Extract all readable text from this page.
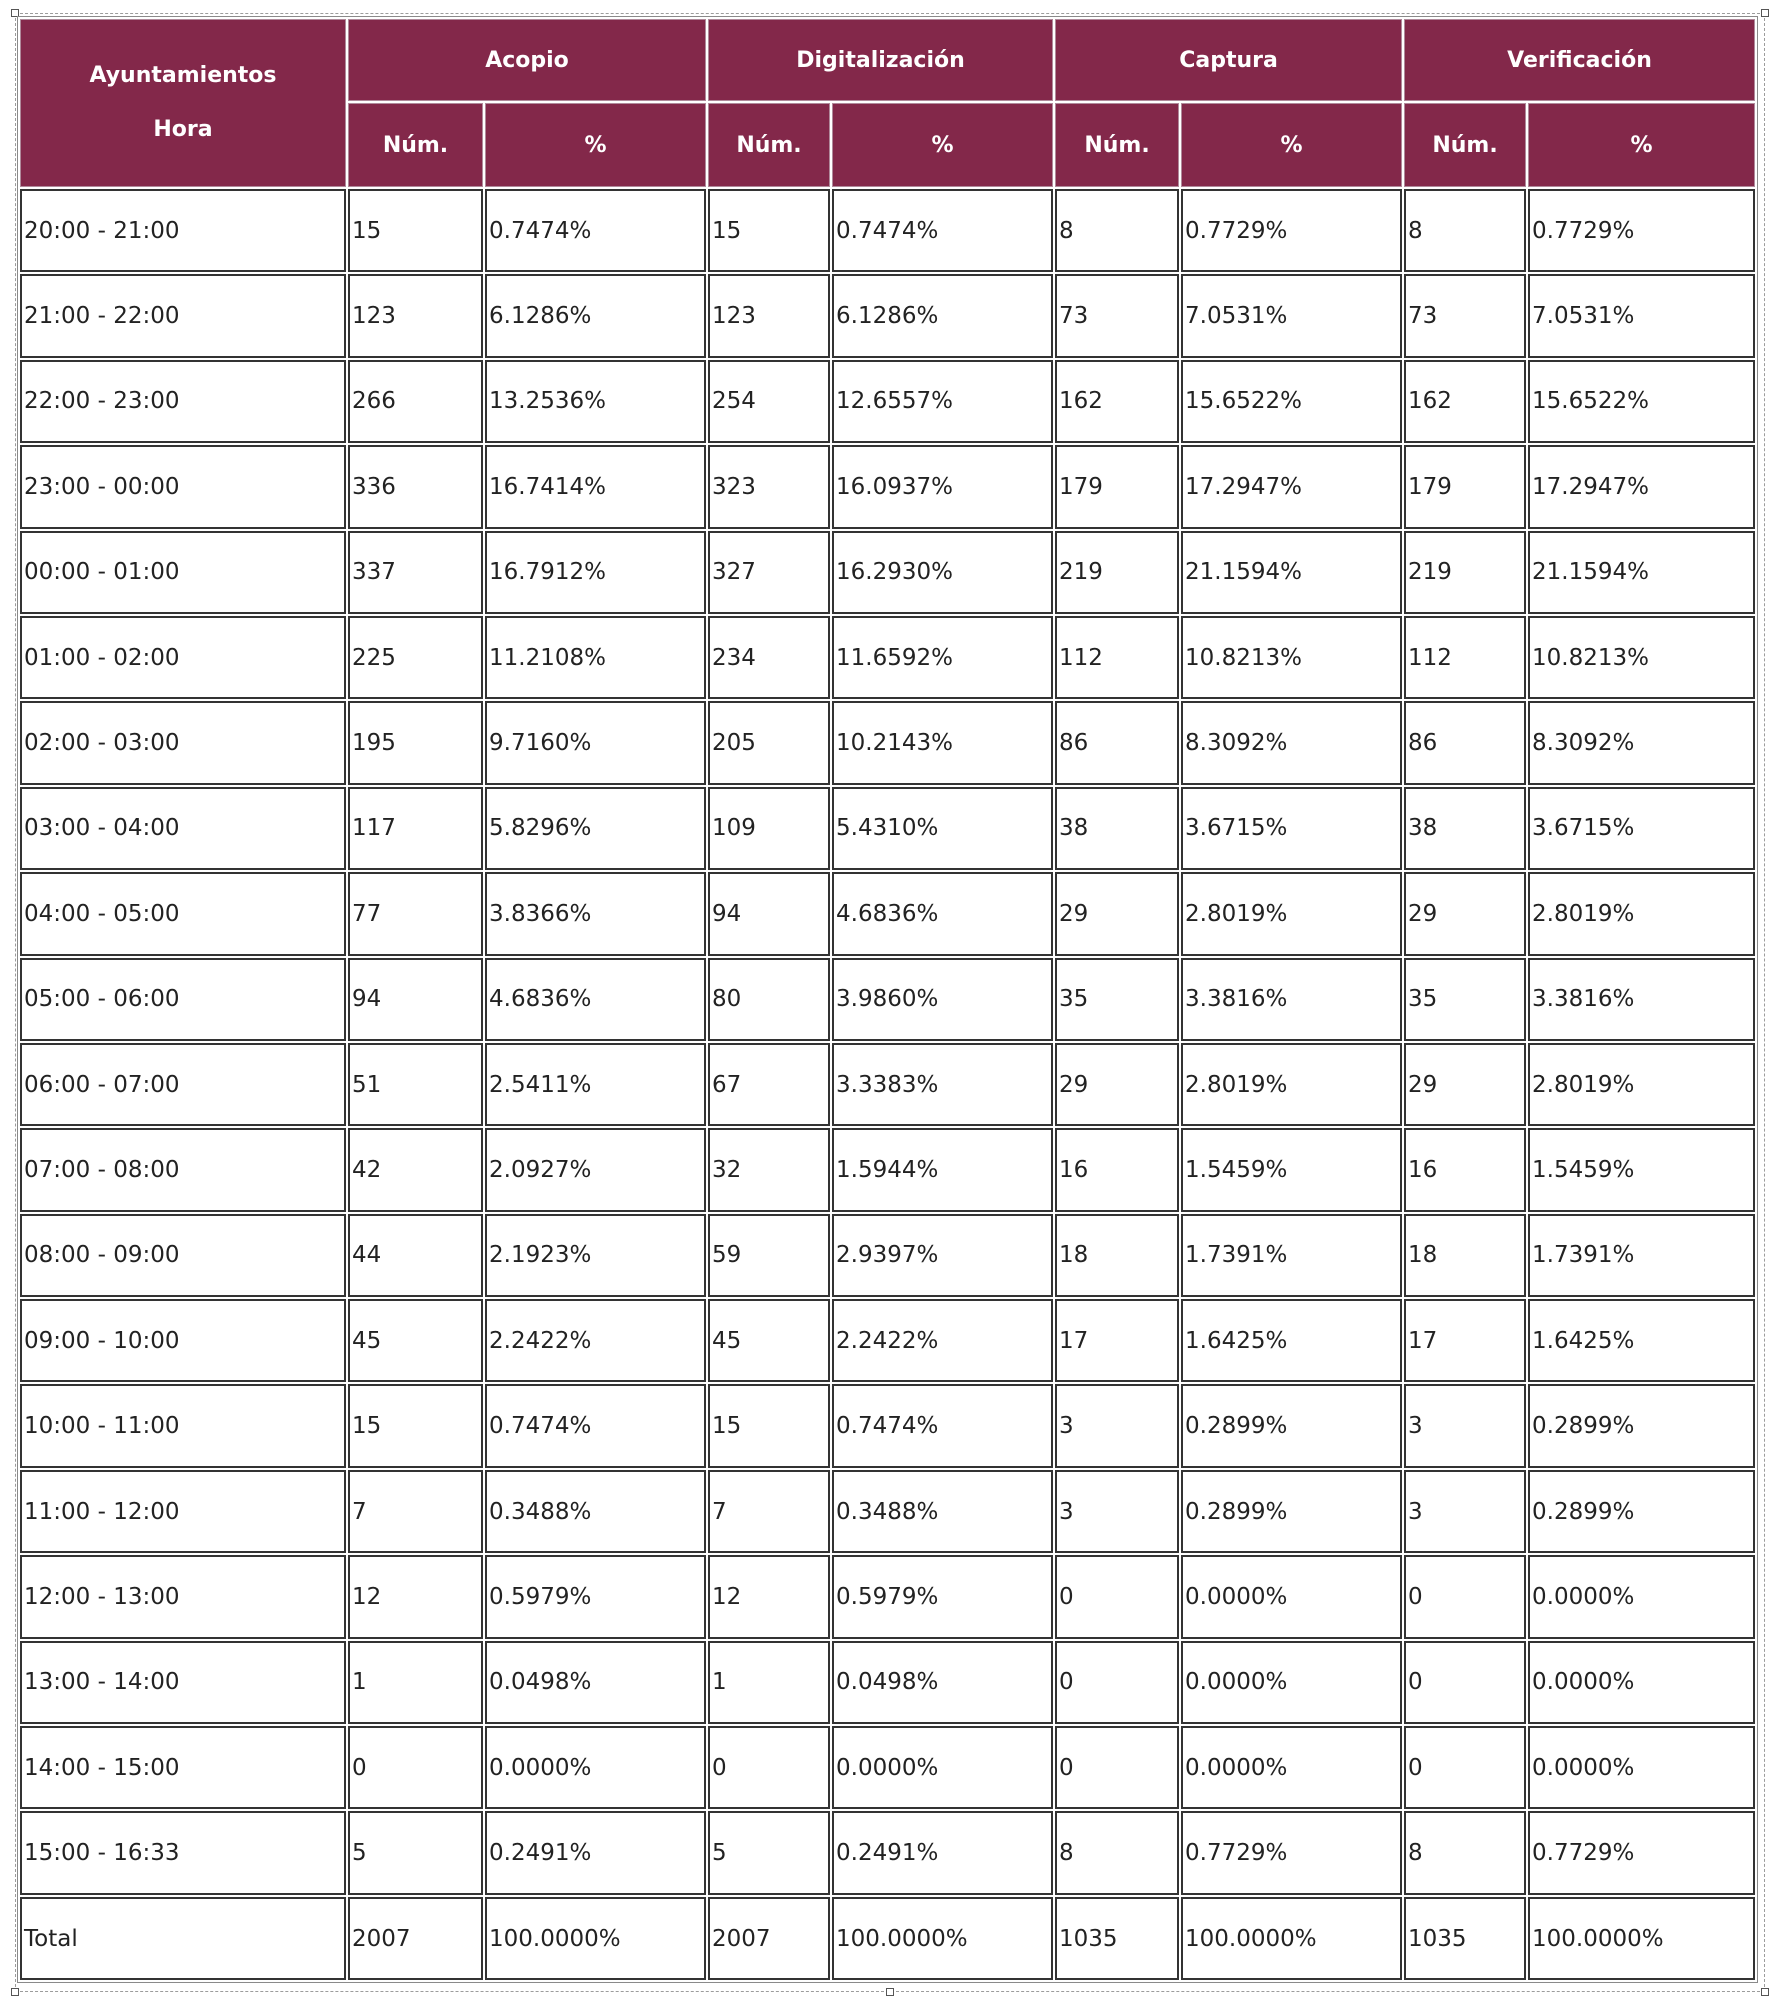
Ayuntamientos
Hora	Acopio		Digitalización		Captura		Verificación	
	Núm.	%	Núm.	%	Núm.	%	Núm.	%
20:00 - 21:00	15	0.7474%	15	0.7474%	8	0.7729%	8	0.7729%
21:00 - 22:00	123	6.1286%	123	6.1286%	73	7.0531%	73	7.0531%
22:00 - 23:00	266	13.2536%	254	12.6557%	162	15.6522%	162	15.6522%
23:00 - 00:00	336	16.7414%	323	16.0937%	179	17.2947%	179	17.2947%
00:00 - 01:00	337	16.7912%	327	16.2930%	219	21.1594%	219	21.1594%
01:00 - 02:00	225	11.2108%	234	11.6592%	112	10.8213%	112	10.8213%
02:00 - 03:00	195	9.7160%	205	10.2143%	86	8.3092%	86	8.3092%
03:00 - 04:00	117	5.8296%	109	5.4310%	38	3.6715%	38	3.6715%
04:00 - 05:00	77	3.8366%	94	4.6836%	29	2.8019%	29	2.8019%
05:00 - 06:00	94	4.6836%	80	3.9860%	35	3.3816%	35	3.3816%
06:00 - 07:00	51	2.5411%	67	3.3383%	29	2.8019%	29	2.8019%
07:00 - 08:00	42	2.0927%	32	1.5944%	16	1.5459%	16	1.5459%
08:00 - 09:00	44	2.1923%	59	2.9397%	18	1.7391%	18	1.7391%
09:00 - 10:00	45	2.2422%	45	2.2422%	17	1.6425%	17	1.6425%
10:00 - 11:00	15	0.7474%	15	0.7474%	3	0.2899%	3	0.2899%
11:00 - 12:00	7	0.3488%	7	0.3488%	3	0.2899%	3	0.2899%
12:00 - 13:00	12	0.5979%	12	0.5979%	0	0.0000%	0	0.0000%
13:00 - 14:00	1	0.0498%	1	0.0498%	0	0.0000%	0	0.0000%
14:00 - 15:00	0	0.0000%	0	0.0000%	0	0.0000%	0	0.0000%
15:00 - 16:33	5	0.2491%	5	0.2491%	8	0.7729%	8	0.7729%
Total	2007	100.0000%	2007	100.0000%	1035	100.0000%	1035	100.0000%
